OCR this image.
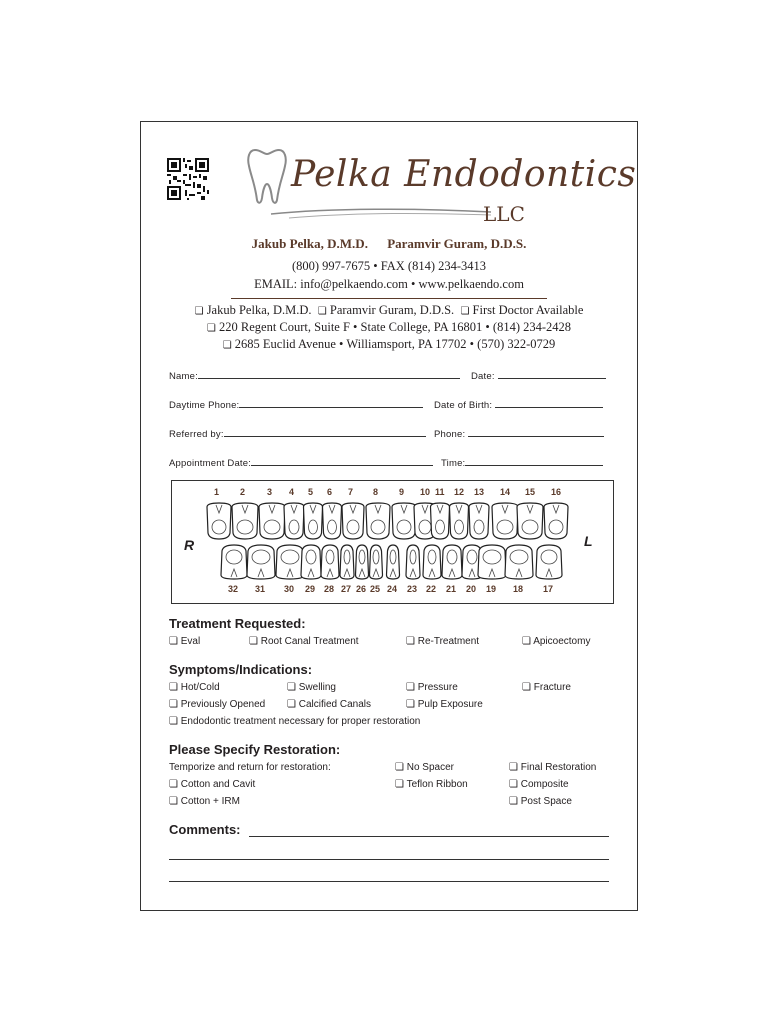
Pelka Endodontics
LLC
Jakub Pelka, D.M.D. Paramvir Guram, D.D.S.
(800) 997-7675 • FAX (814) 234-3413
EMAIL: info@pelkaendo.com • www.pelkaendo.com
❏ Jakub Pelka, D.M.D. ❏ Paramvir Guram, D.D.S. ❏ First Doctor Available
❏ 220 Regent Court, Suite F • State College, PA 16801 • (814) 234-2428
❏ 2685 Euclid Avenue • Williamsport, PA 17702 • (570) 322-0729
Name:	Date:
Daytime Phone:	Date of Birth:
Referred by:	Phone:
Appointment Date:	Time:
R	L
1 2 3 4 5 6 7 8 9 10 11 12 13 14 15 16
32 31 30 29 28 27 26 25 24 23 22 21 20 19 18 17
Treatment Requested:
❏ Eval	❏ Root Canal Treatment	❏ Re-Treatment	❏ Apicoectomy
Symptoms/Indications:
❏ Hot/Cold	❏ Swelling	❏ Pressure	❏ Fracture
❏ Previously Opened ❏ Calcified Canals	❏ Pulp Exposure
❏ Endodontic treatment necessary for proper restoration
Please Specify Restoration:
Temporize and return for restoration:	❏ No Spacer	❏ Final Restoration
❏ Cotton and Cavit	❏ Teflon Ribbon	❏ Composite
❏ Cotton + IRM	❏ Post Space
Comments:
